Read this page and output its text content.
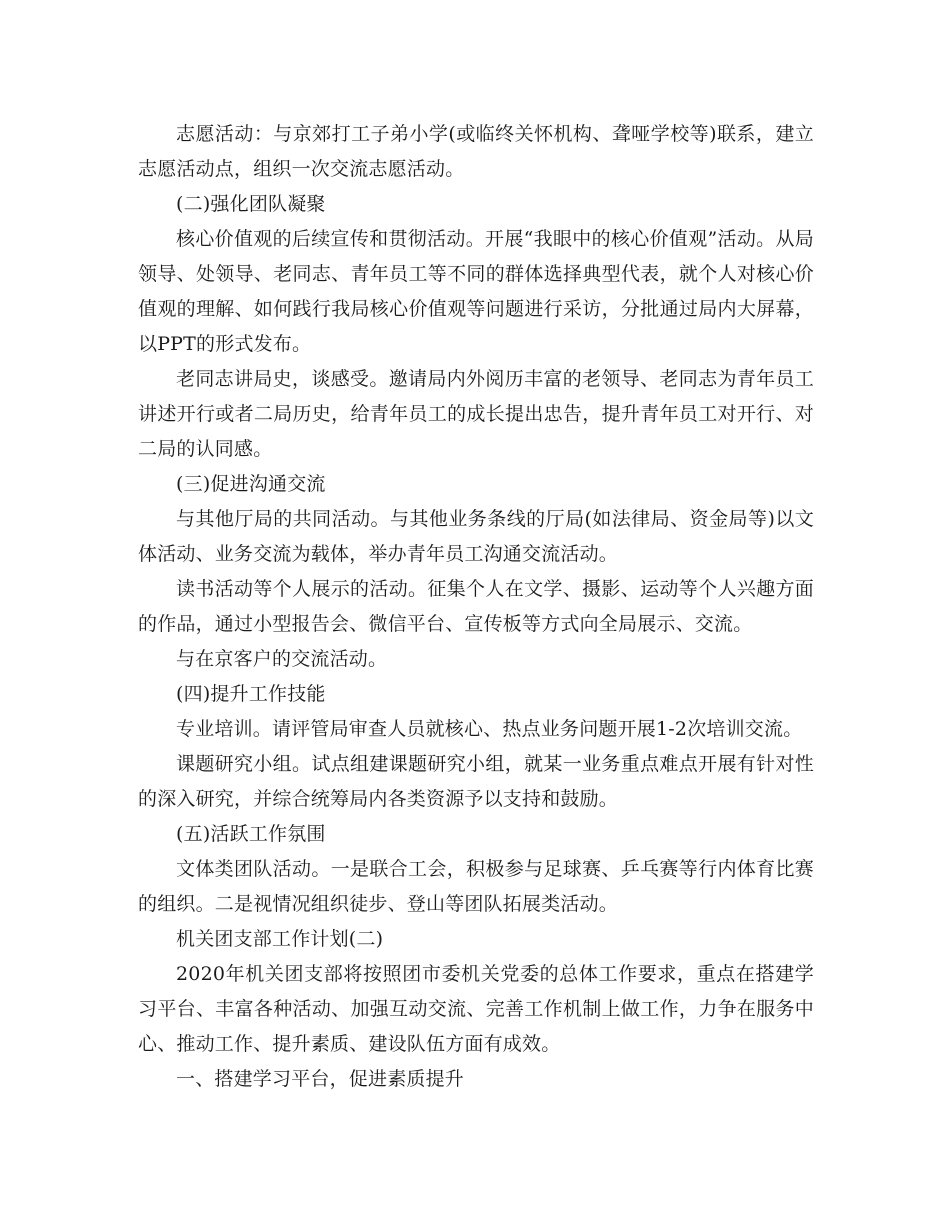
志愿活动：与京郊打工子弟小学(或临终关怀机构、聋哑学校等)联系，建立志愿活动点，组织一次交流志愿活动。

(二)强化团队凝聚

核心价值观的后续宣传和贯彻活动。开展“我眼中的核心价值观”活动。从局领导、处领导、老同志、青年员工等不同的群体选择典型代表，就个人对核心价值观的理解、如何践行我局核心价值观等问题进行采访，分批通过局内大屏幕，以PPT的形式发布。

老同志讲局史，谈感受。邀请局内外阅历丰富的老领导、老同志为青年员工讲述开行或者二局历史，给青年员工的成长提出忠告，提升青年员工对开行、对二局的认同感。

(三)促进沟通交流

与其他厅局的共同活动。与其他业务条线的厅局(如法律局、资金局等)以文体活动、业务交流为载体，举办青年员工沟通交流活动。

读书活动等个人展示的活动。征集个人在文学、摄影、运动等个人兴趣方面的作品，通过小型报告会、微信平台、宣传板等方式向全局展示、交流。

与在京客户的交流活动。

(四)提升工作技能

专业培训。请评管局审查人员就核心、热点业务问题开展1-2次培训交流。

课题研究小组。试点组建课题研究小组，就某一业务重点难点开展有针对性的深入研究，并综合统筹局内各类资源予以支持和鼓励。

(五)活跃工作氛围

文体类团队活动。一是联合工会，积极参与足球赛、乒乓赛等行内体育比赛的组织。二是视情况组织徒步、登山等团队拓展类活动。

机关团支部工作计划(二)

2020年机关团支部将按照团市委机关党委的总体工作要求，重点在搭建学习平台、丰富各种活动、加强互动交流、完善工作机制上做工作，力争在服务中心、推动工作、提升素质、建设队伍方面有成效。

一、搭建学习平台，促进素质提升
